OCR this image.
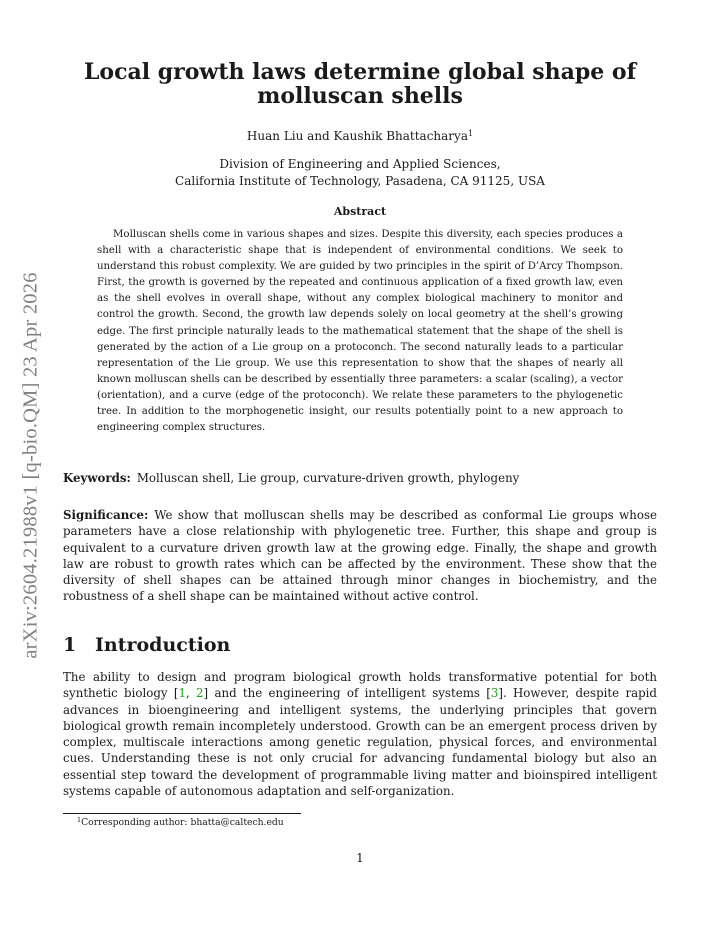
arXiv:2604.21988v1 [q-bio.QM] 23 Apr 2026
Local growth laws determine global shape of molluscan shells
Huan Liu and Kaushik Bhattacharya$^1$
Division of Engineering and Applied Sciences,
California Institute of Technology, Pasadena, CA 91125, USA
Abstract

Molluscan shells come in various shapes and sizes. Despite this diversity, each species produces a shell with a characteristic shape that is independent of environmental conditions. We seek to understand this robust complexity. We are guided by two principles in the spirit of D’Arcy Thompson. First, the growth is governed by the repeated and continuous application of a fixed growth law, even as the shell evolves in overall shape, without any complex biological machinery to monitor and control the growth. Second, the growth law depends solely on local geometry at the shell’s growing edge. The first principle naturally leads to the mathematical statement that the shape of the shell is generated by the action of a Lie group on a protoconch. The second naturally leads to a particular representation of the Lie group. We use this representation to show that the shapes of nearly all known molluscan shells can be described by essentially three parameters: a scalar (scaling), a vector (orientation), and a curve (edge of the protoconch). We relate these parameters to the phylogenetic tree. In addition to the morphogenetic insight, our results potentially point to a new approach to engineering complex structures.

Keywords: Molluscan shell, Lie group, curvature-driven growth, phylogeny

Significance: We show that molluscan shells may be described as conformal Lie groups whose parameters have a close relationship with phylogenetic tree. Further, this shape and group is equivalent to a curvature driven growth law at the growing edge. Finally, the shape and growth law are robust to growth rates which can be affected by the environment. These show that the diversity of shell shapes can be attained through minor changes in biochemistry, and the robustness of a shell shape can be maintained without active control.

1 Introduction

The ability to design and program biological growth holds transformative potential for both synthetic biology [1, 2] and the engineering of intelligent systems [3]. However, despite rapid advances in bioengineering and intelligent systems, the underlying principles that govern biological growth remain incompletely understood. Growth can be an emergent process driven by complex, multiscale interactions among genetic regulation, physical forces, and environmental cues. Understanding these is not only crucial for advancing fundamental biology but also an essential step toward the development of programmable living matter and bioinspired intelligent systems capable of autonomous adaptation and self-organization.

$^1$Corresponding author: bhatta@caltech.edu
1
